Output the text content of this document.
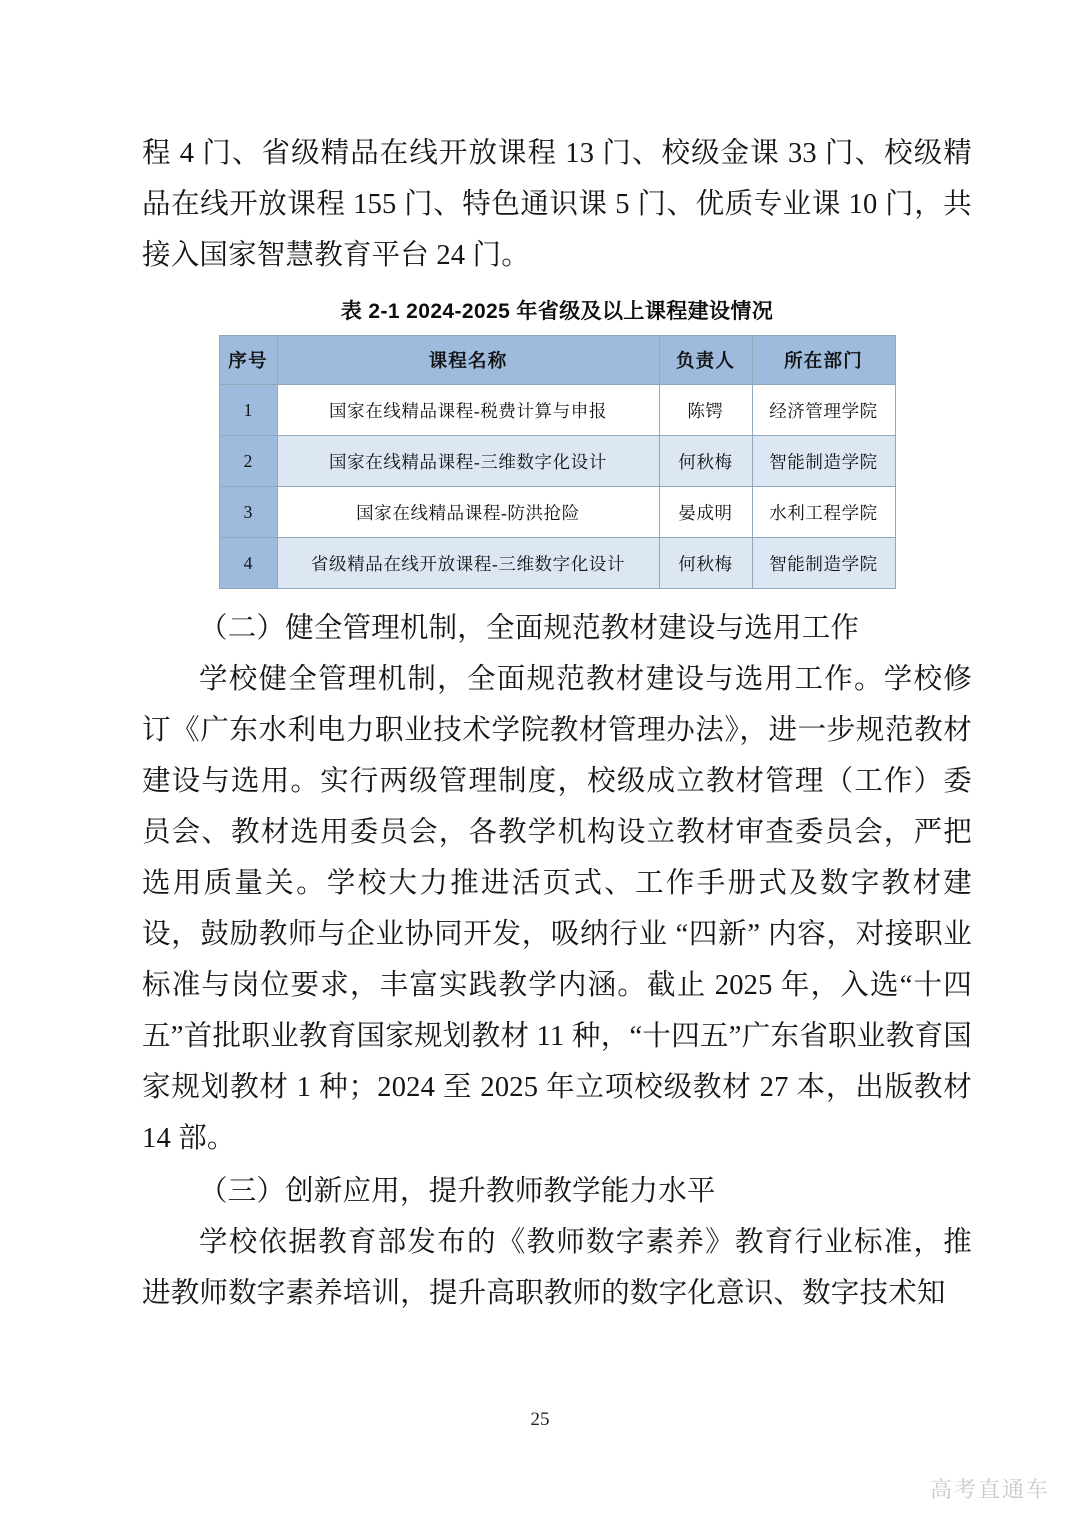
程 4 门、省级精品在线开放课程 13 门、校级金课 33 门、校级精品在线开放课程 155 门、特色通识课 5 门、优质专业课 10 门，共接入国家智慧教育平台 24 门。

表 2-1 2024-2025 年省级及以上课程建设情况
序号	课程名称	负责人	所在部门
1	国家在线精品课程-税费计算与申报	陈锷	经济管理学院
2	国家在线精品课程-三维数字化设计	何秋梅	智能制造学院
3	国家在线精品课程-防洪抢险	晏成明	水利工程学院
4	省级精品在线开放课程-三维数字化设计	何秋梅	智能制造学院

（二）健全管理机制，全面规范教材建设与选用工作

学校健全管理机制，全面规范教材建设与选用工作。学校修订《广东水利电力职业技术学院教材管理办法》，进一步规范教材建设与选用。实行两级管理制度，校级成立教材管理（工作）委员会、教材选用委员会，各教学机构设立教材审查委员会，严把选用质量关。学校大力推进活页式、工作手册式及数字教材建设，鼓励教师与企业协同开发，吸纳行业 “四新” 内容，对接职业标准与岗位要求，丰富实践教学内涵。截止 2025 年，入选“十四五”首批职业教育国家规划教材 11 种，“十四五”广东省职业教育国家规划教材 1 种；2024 至 2025 年立项校级教材 27 本，出版教材 14 部。

（三）创新应用，提升教师教学能力水平

学校依据教育部发布的《教师数字素养》教育行业标准，推进教师数字素养培训，提升高职教师的数字化意识、数字技术知

25
高考直通车
